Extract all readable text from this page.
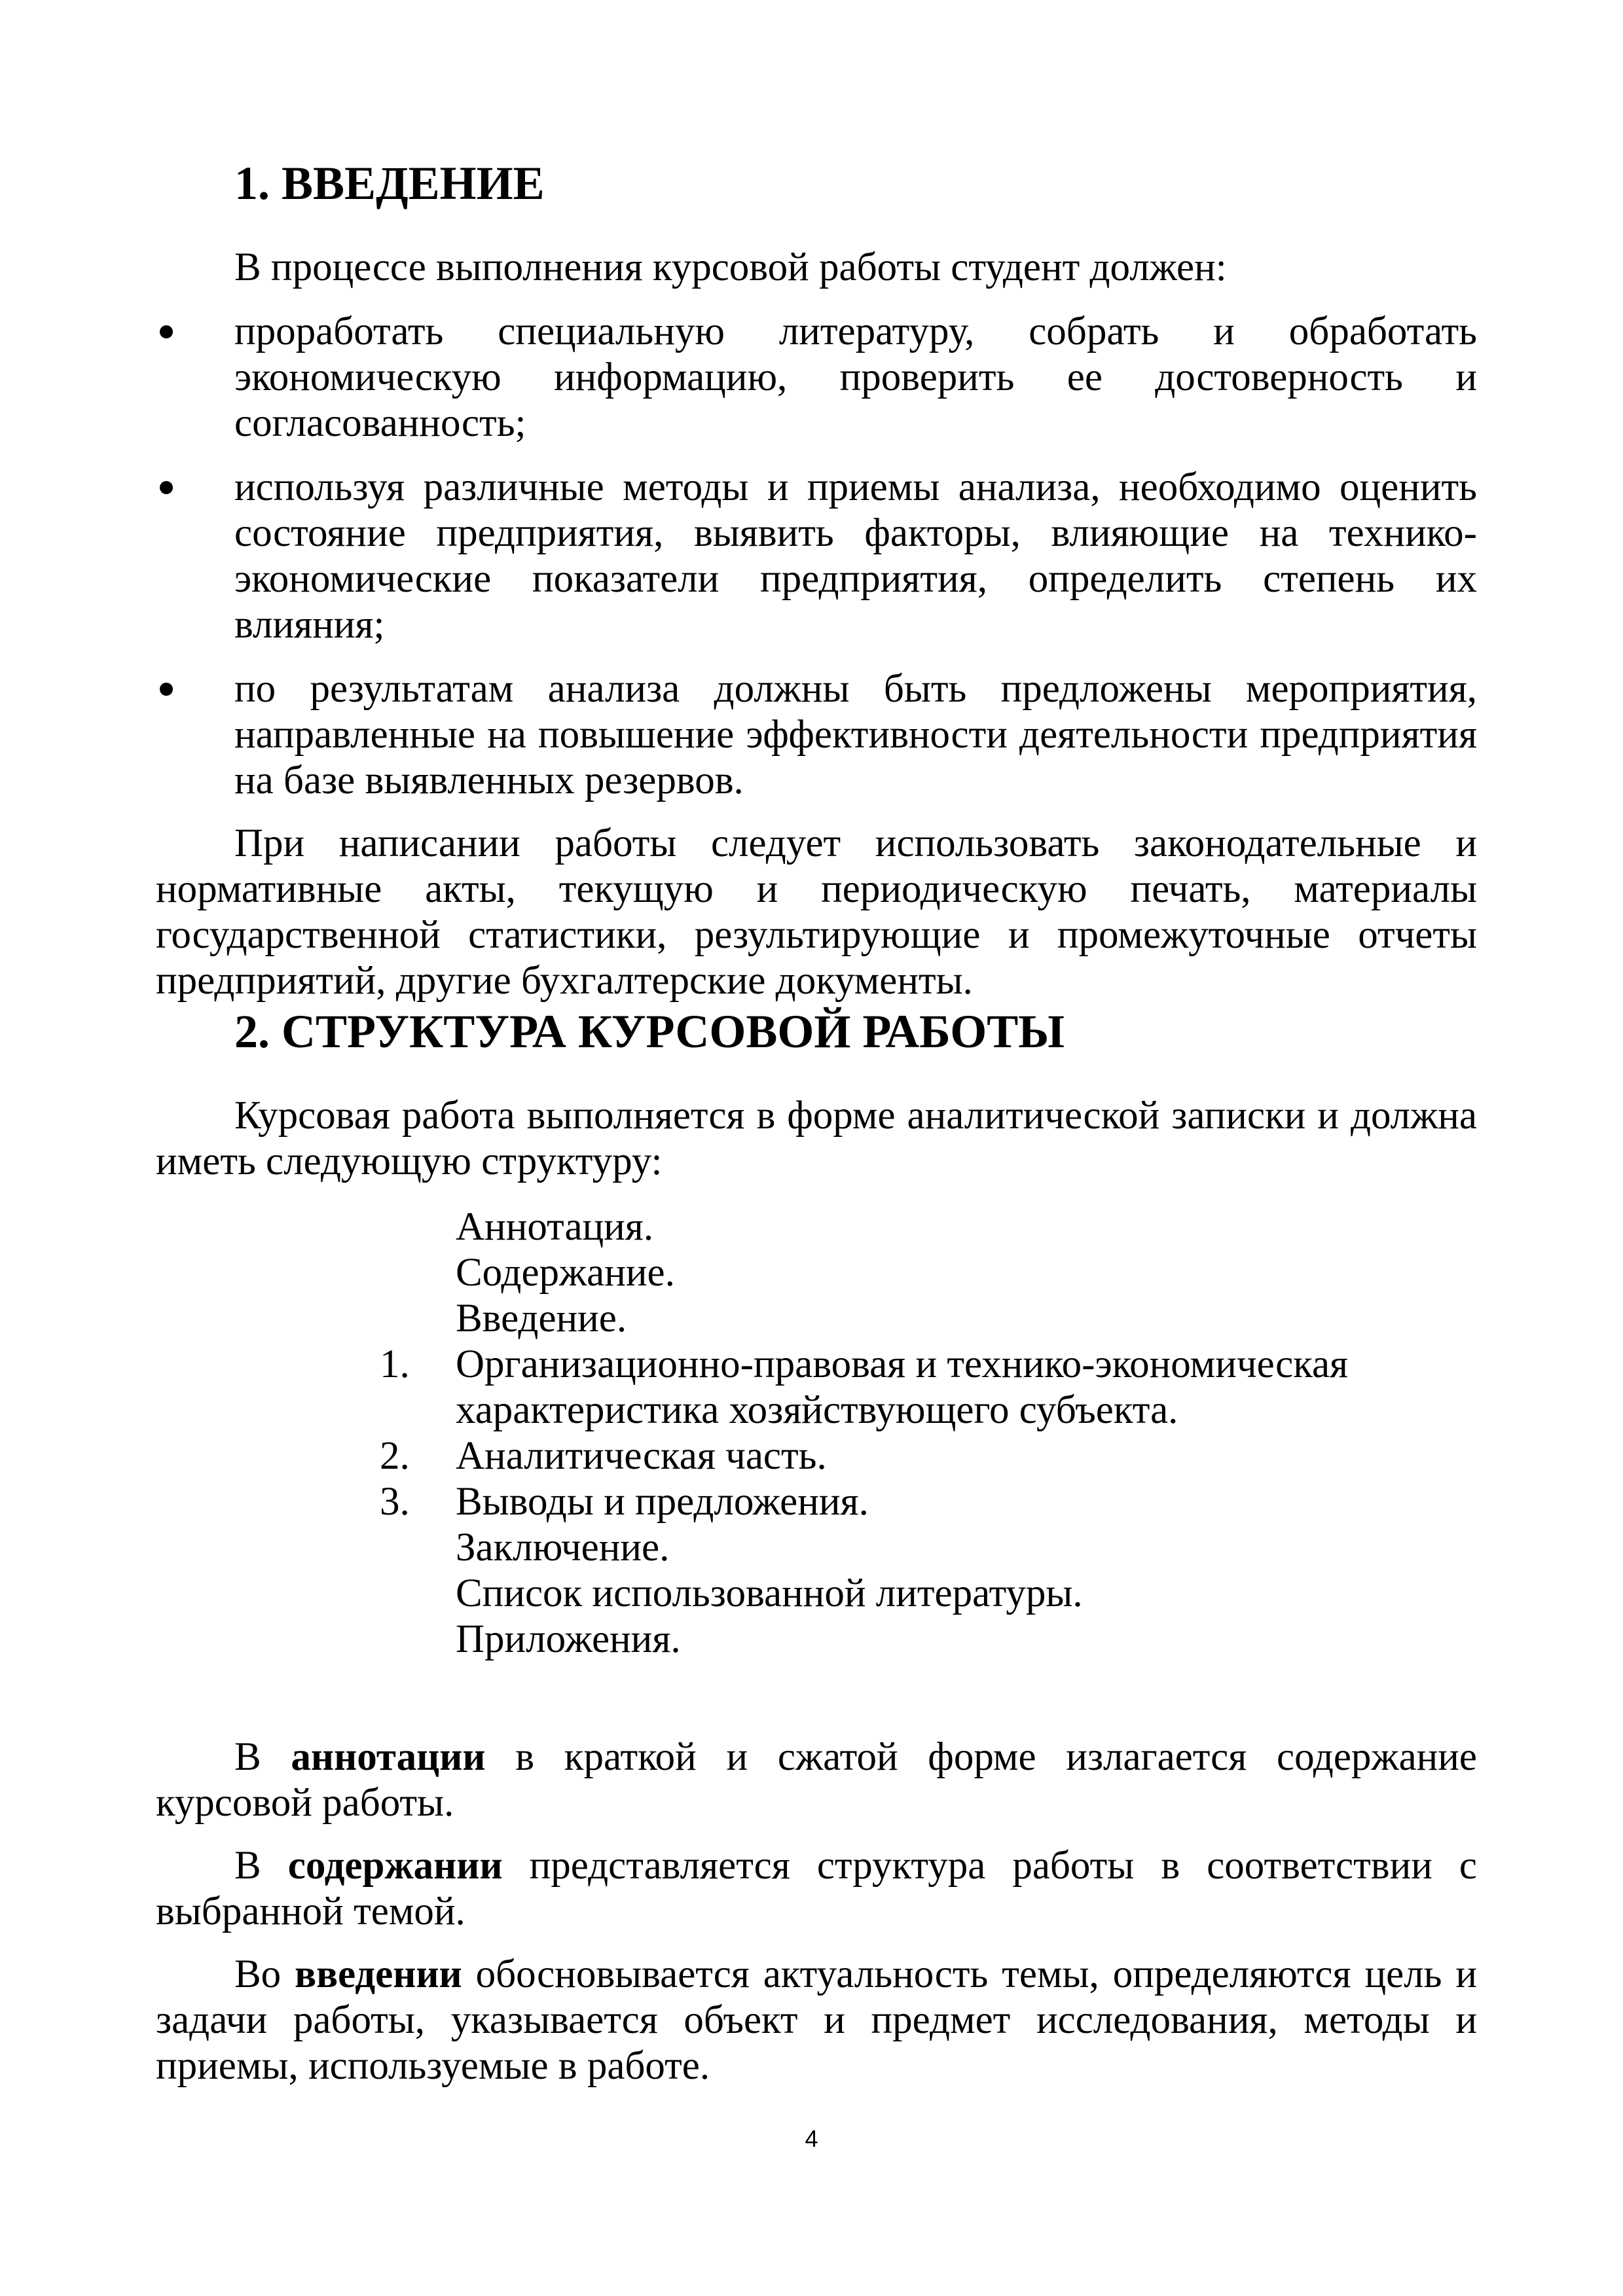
1. ВВЕДЕНИЕ

В процессе выполнения курсовой работы студент должен:

проработать специальную литературу, собрать и обработать экономическую информацию, проверить ее достоверность и согласованность;
используя различные методы и приемы анализа, необходимо оценить состояние предприятия, выявить факторы, влияющие на технико-экономические показатели предприятия, определить степень их влияния;
по результатам анализа должны быть предложены мероприятия, направленные на повышение эффективности деятельности предприятия на базе выявленных резервов.

При написании работы следует использовать законодательные и нормативные акты, текущую и периодическую печать, материалы государственной статистики, результирующие и промежуточные отчеты предприятий, другие бухгалтерские документы.

2. СТРУКТУРА КУРСОВОЙ РАБОТЫ

Курсовая работа выполняется в форме аналитической записки и должна иметь следующую структуру:

Аннотация.
Содержание.
Введение.
1. Организационно-правовая и технико-экономическая характеристика хозяйствующего субъекта.
2. Аналитическая часть.
3. Выводы и предложения.
Заключение.
Список использованной литературы.
Приложения.

В аннотации в краткой и сжатой форме излагается содержание курсовой работы.

В содержании представляется структура работы в соответствии с выбранной темой.

Во введении обосновывается актуальность темы, определяются цель и задачи работы, указывается объект и предмет исследования, методы и приемы, используемые в работе.

4
